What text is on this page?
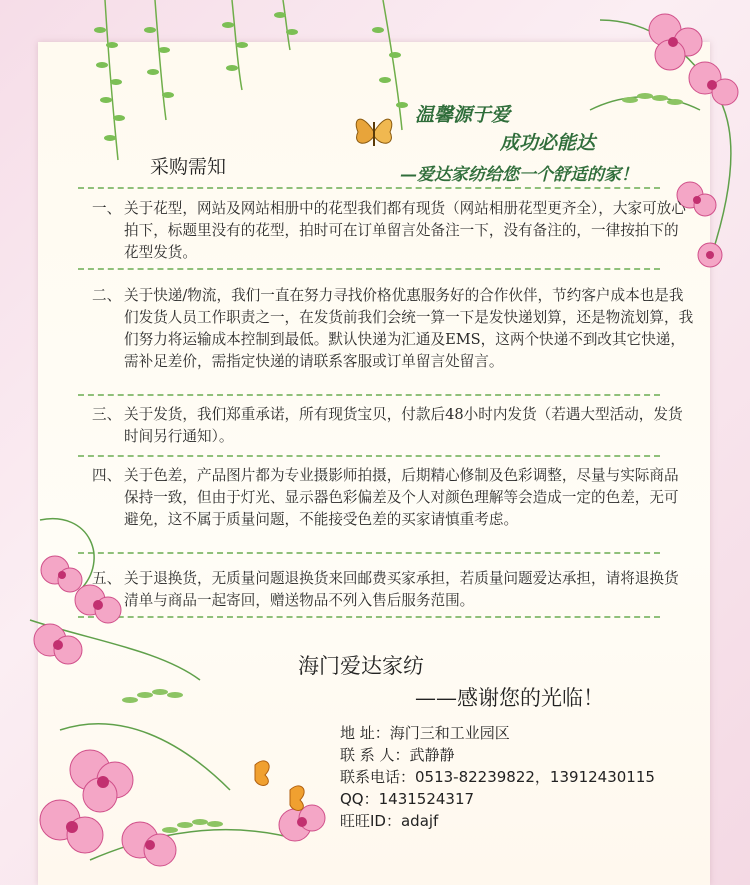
温馨源于爱
成功必能达
—爱达家纺给您一个舒适的家！
采购需知
一、 关于花型，网站及网站相册中的花型我们都有现货（网站相册花型更齐全），大家可放心拍下，标题里没有的花型，拍时可在订单留言处备注一下，没有备注的，一律按拍下的花型发货。
二、 关于快递/物流，我们一直在努力寻找价格优惠服务好的合作伙伴，节约客户成本也是我们发货人员工作职责之一，在发货前我们会统一算一下是发快递划算，还是物流划算，我们努力将运输成本控制到最低。默认快递为汇通及EMS，这两个快递不到改其它快递，需补足差价，需指定快递的请联系客服或订单留言处留言。
三、 关于发货，我们郑重承诺，所有现货宝贝，付款后48小时内发货（若遇大型活动，发货时间另行通知）。
四、 关于色差，产品图片都为专业摄影师拍摄，后期精心修制及色彩调整，尽量与实际商品保持一致，但由于灯光、显示器色彩偏差及个人对颜色理解等会造成一定的色差，无可避免，这不属于质量问题，不能接受色差的买家请慎重考虑。
五、 关于退换货，无质量问题退换货来回邮费买家承担，若质量问题爱达承担，请将退换货清单与商品一起寄回，赠送物品不列入售后服务范围。
海门爱达家纺
——感谢您的光临！
地 址：海门三和工业园区
联 系 人：武静静
联系电话：0513-82239822，13912430115
QQ：1431524317
旺旺ID：adajf
